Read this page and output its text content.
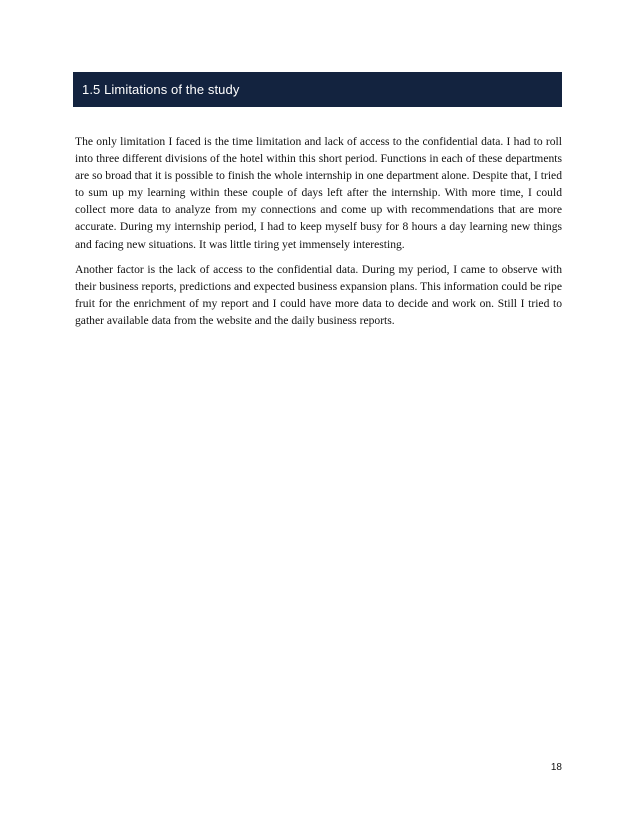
1.5 Limitations of the study

The only limitation I faced is the time limitation and lack of access to the confidential data. I had to roll into three different divisions of the hotel within this short period. Functions in each of these departments are so broad that it is possible to finish the whole internship in one department alone. Despite that, I tried to sum up my learning within these couple of days left after the internship. With more time, I could collect more data to analyze from my connections and come up with recommendations that are more accurate. During my internship period, I had to keep myself busy for 8 hours a day learning new things and facing new situations. It was little tiring yet immensely interesting.

Another factor is the lack of access to the confidential data. During my period, I came to observe with their business reports, predictions and expected business expansion plans. This information could be ripe fruit for the enrichment of my report and I could have more data to decide and work on. Still I tried to gather available data from the website and the daily business reports.

18
